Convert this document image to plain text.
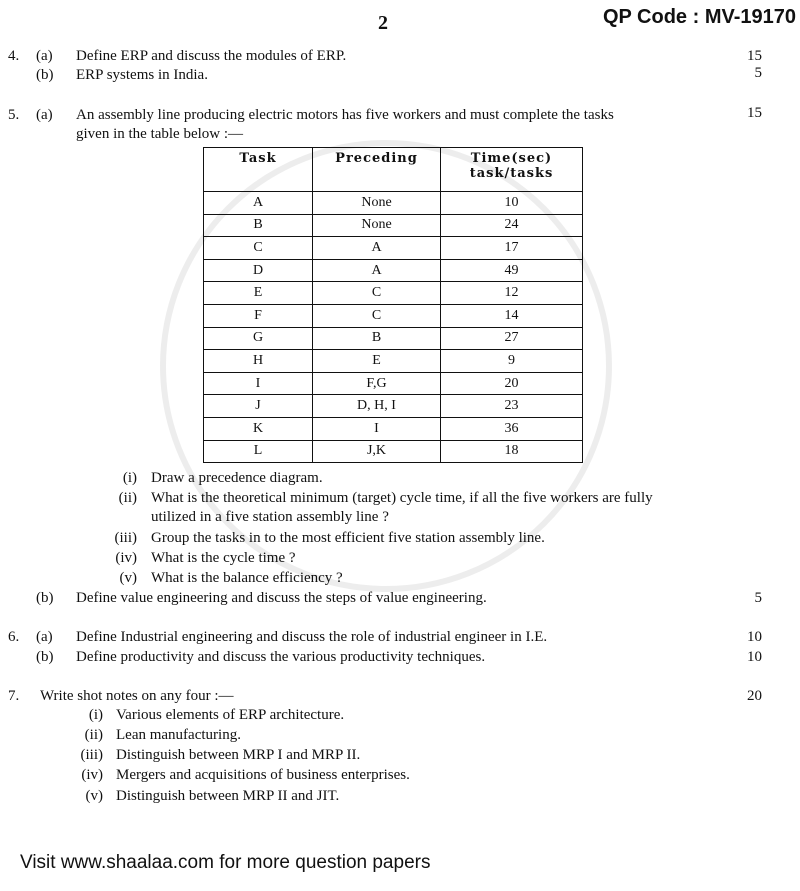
2	QP Code : MV-19170
4. (a) Define ERP and discuss the modules of ERP.	15
(b) ERP systems in India.	5
5. (a) An assembly line producing electric motors has five workers and must complete the tasks
given in the table below :—
15
Task	Preceding	Time(sec)
task/tasks
A	None	10
B	None	24
C	A	17
D	A	49
E	C	12
F	C	14
G	B	27
H	E	9
I	F,G	20
J	D, H, I	23
K	I	36
L	J,K	18
(i) Draw a precedence diagram.
(ii) What is the theoretical minimum (target) cycle time, if all the five workers are fully
utilized in a five station assembly line ?
(iii) Group the tasks in to the most efficient five station assembly line.
(iv) What is the cycle time ?
(v) What is the balance efficiency ?
(b) Define value engineering and discuss the steps of value engineering.	5
6. (a) Define Industrial engineering and discuss the role of industrial engineer in I.E.	10
(b) Define productivity and discuss the various productivity techniques.	10
7. Write shot notes on any four :—	20
(i) Various elements of ERP architecture.
(ii) Lean manufacturing.
(iii) Distinguish between MRP I and MRP II.
(iv) Mergers and acquisitions of business enterprises.
(v) Distinguish between MRP II and JIT.
Visit www.shaalaa.com for more question papers
